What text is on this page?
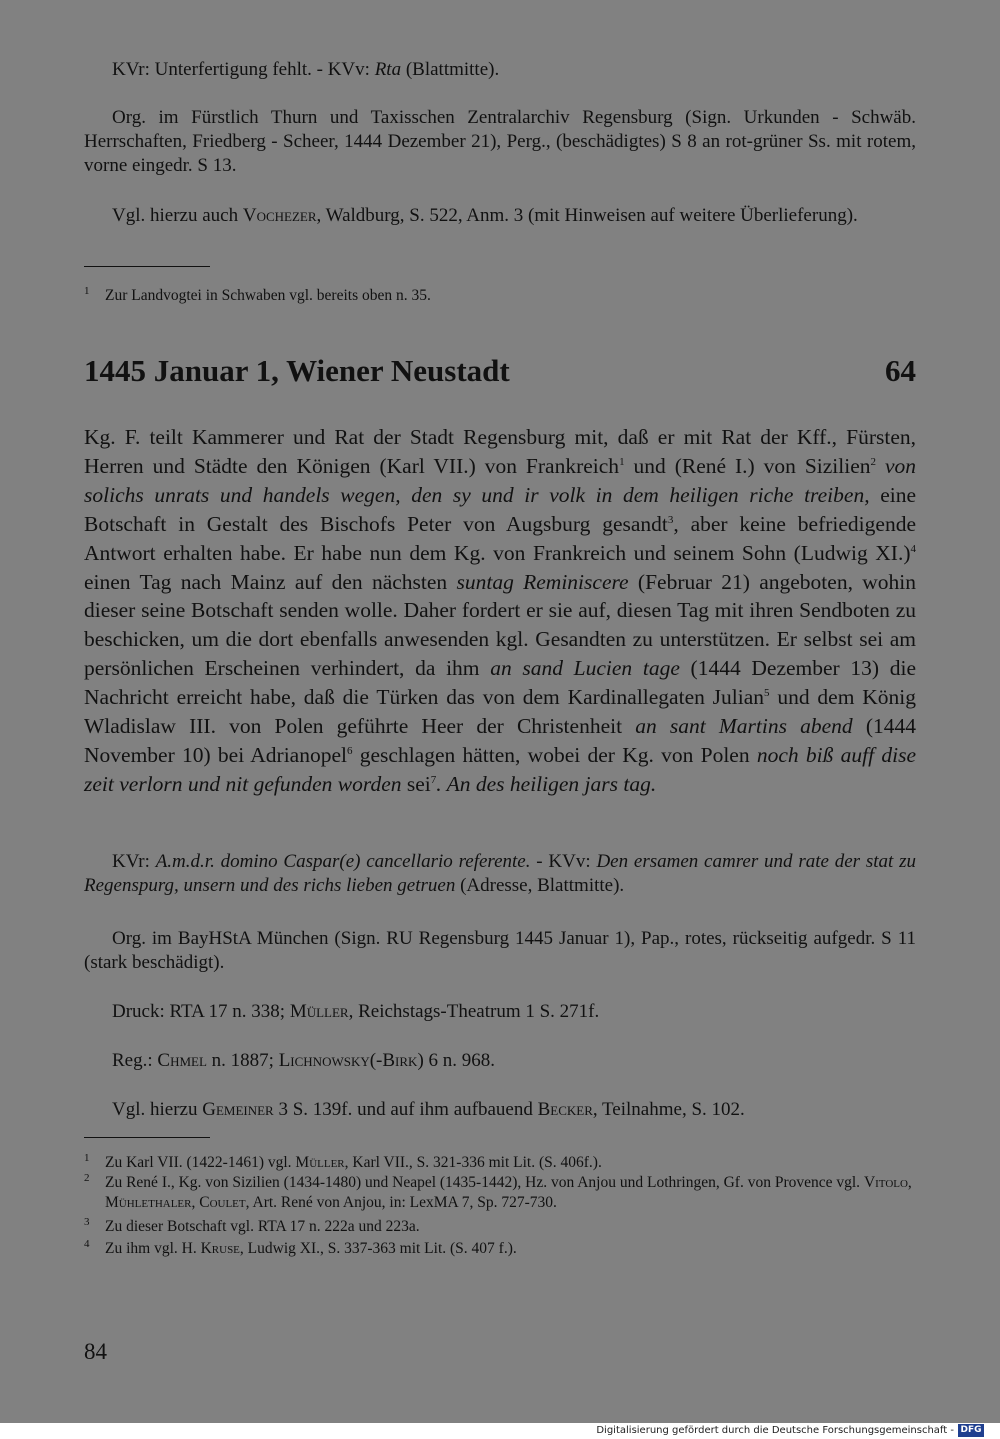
KVr: Unterfertigung fehlt. - KVv: Rta (Blattmitte).

Org. im Fürstlich Thurn und Taxisschen Zentralarchiv Regensburg (Sign. Urkunden - Schwäb. Herrschaften, Friedberg - Scheer, 1444 Dezember 21), Perg., (beschädigtes) S 8 an rot-grüner Ss. mit rotem, vorne eingedr. S 13.

Vgl. hierzu auch Vochezer, Waldburg, S. 522, Anm. 3 (mit Hinweisen auf weitere Überlieferung).

1	Zur Landvogtei in Schwaben vgl. bereits oben n. 35.
1445 Januar 1, Wiener Neustadt	64

Kg. F. teilt Kammerer und Rat der Stadt Regensburg mit, daß er mit Rat der Kff., Fürsten, Herren und Städte den Königen (Karl VII.) von Frankreich$^1$ und (René I.) von Sizilien$^2$ von solichs unrats und handels wegen, den sy und ir volk in dem heiligen riche treiben, eine Botschaft in Gestalt des Bischofs Peter von Augsburg gesandt$^3$, aber keine befriedigende Antwort erhalten habe. Er habe nun dem Kg. von Frankreich und seinem Sohn (Ludwig XI.)$^4$ einen Tag nach Mainz auf den nächsten suntag Reminiscere (Februar 21) angeboten, wohin dieser seine Botschaft senden wolle. Daher fordert er sie auf, diesen Tag mit ihren Sendboten zu beschicken, um die dort ebenfalls anwesenden kgl. Gesandten zu unterstützen. Er selbst sei am persönlichen Erscheinen verhindert, da ihm an sand Lucien tage (1444 Dezember 13) die Nachricht erreicht habe, daß die Türken das von dem Kardinallegaten Julian$^5$ und dem König Wladislaw III. von Polen geführte Heer der Christenheit an sant Martins abend (1444 November 10) bei Adrianopel$^6$ geschlagen hätten, wobei der Kg. von Polen noch biß auff dise zeit verlorn und nit gefunden worden sei$^7$. An des heiligen jars tag.

KVr: A.m.d.r. domino Caspar(e) cancellario referente. - KVv: Den ersamen camrer und rate der stat zu Regenspurg, unsern und des richs lieben getruen (Adresse, Blattmitte).

Org. im BayHStA München (Sign. RU Regensburg 1445 Januar 1), Pap., rotes, rückseitig aufgedr. S 11 (stark beschädigt).

Druck: RTA 17 n. 338; Müller, Reichstags-Theatrum 1 S. 271f.

Reg.: Chmel n. 1887; Lichnowsky(-Birk) 6 n. 968.

Vgl. hierzu Gemeiner 3 S. 139f. und auf ihm aufbauend Becker, Teilnahme, S. 102.

1	Zu Karl VII. (1422-1461) vgl. Müller, Karl VII., S. 321-336 mit Lit. (S. 406f.).
2	Zu René I., Kg. von Sizilien (1434-1480) und Neapel (1435-1442), Hz. von Anjou und Lothringen, Gf. von Provence vgl. Vitolo, Mühlethaler, Coulet, Art. René von Anjou, in: LexMA 7, Sp. 727-730.
3	Zu dieser Botschaft vgl. RTA 17 n. 222a und 223a.
4	Zu ihm vgl. H. Kruse, Ludwig XI., S. 337-363 mit Lit. (S. 407 f.).
84
Digitalisierung gefördert durch die Deutsche Forschungsgemeinschaft - DFG
